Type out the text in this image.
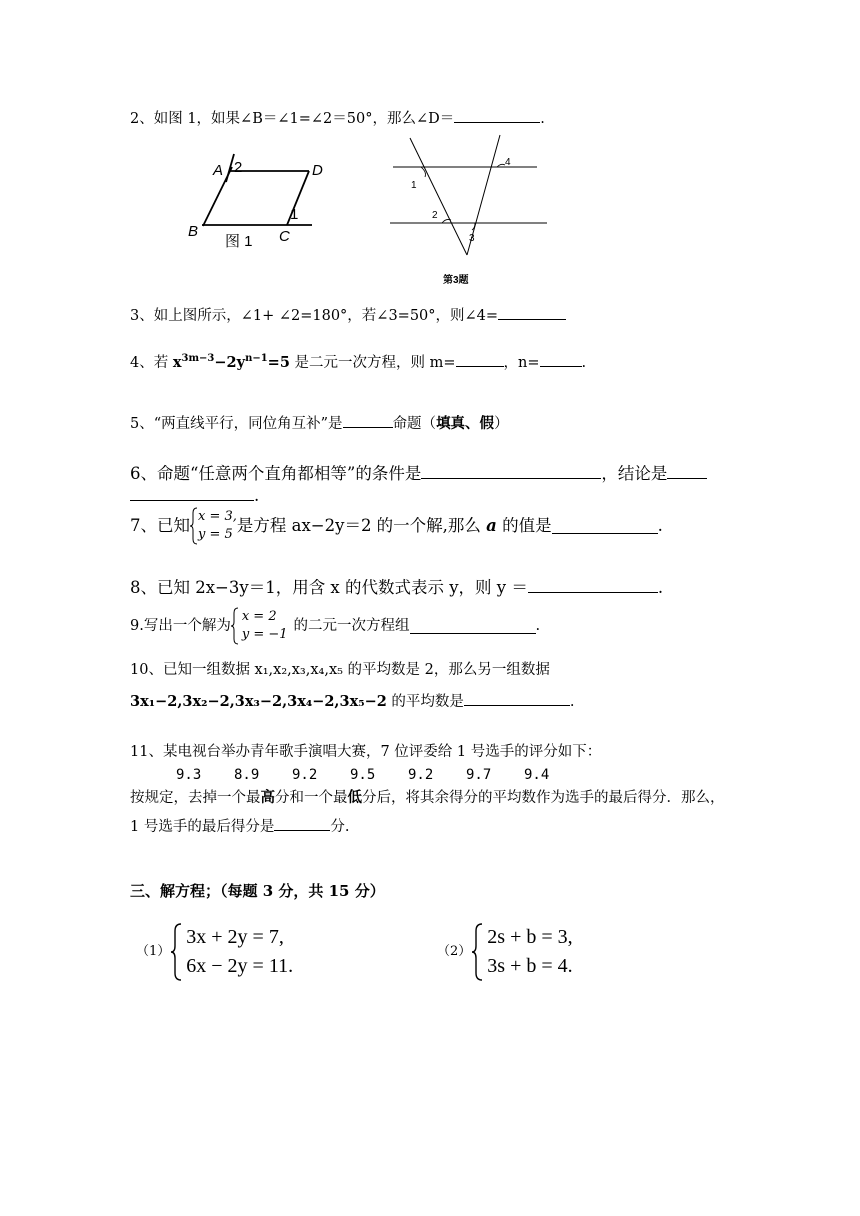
2、如图 1，如果∠B＝∠1=∠2＝50°，那么∠D＝	.
A 2	D
B
1
C
图 1
1
2
3
4
第3题
3、如上图所示，∠1+ ∠2=180°，若∠3=50°，则∠4=
4、若 $x^{3m-3}-2y^{n-1}=5$ 是二元一次方程，则 m=	，n=	.
5、“两直线平行，同位角互补”是	命题（填真、假）
6、命题“任意两个直角都相等”的条件是	，结论是
.
7、已知 x = 3,
y = 5 是方程 ax−2y＝2 的一个解,那么 a 的值是	.
8、已知 2x−3y＝1，用含 x 的代数式表示 y，则 y ＝	.
9.写出一个解为
x = 2
y = −1
的二元一次方程组	.
10、已知一组数据 x₁,x₂,x₃,x₄,x₅ 的平均数是 2，那么另一组数据
3x₁−2,3x₂−2,3x₃−2,3x₄−2,3x₅−2 的平均数是	.
11、某电视台举办青年歌手演唱大赛，7 位评委给 1 号选手的评分如下：
9.3 8.9 9.2 9.5 9.2 9.7 9.4
按规定，去掉一个最高分和一个最低分后，将其余得分的平均数作为选手的最后得分．那么，
1 号选手的最后得分是	分.
三、解方程；（每题 3 分，共 15 分）
（1）
3x + 2y = 7,
6x − 2y = 11.
（2）
2s + b = 3,
3s + b = 4.
